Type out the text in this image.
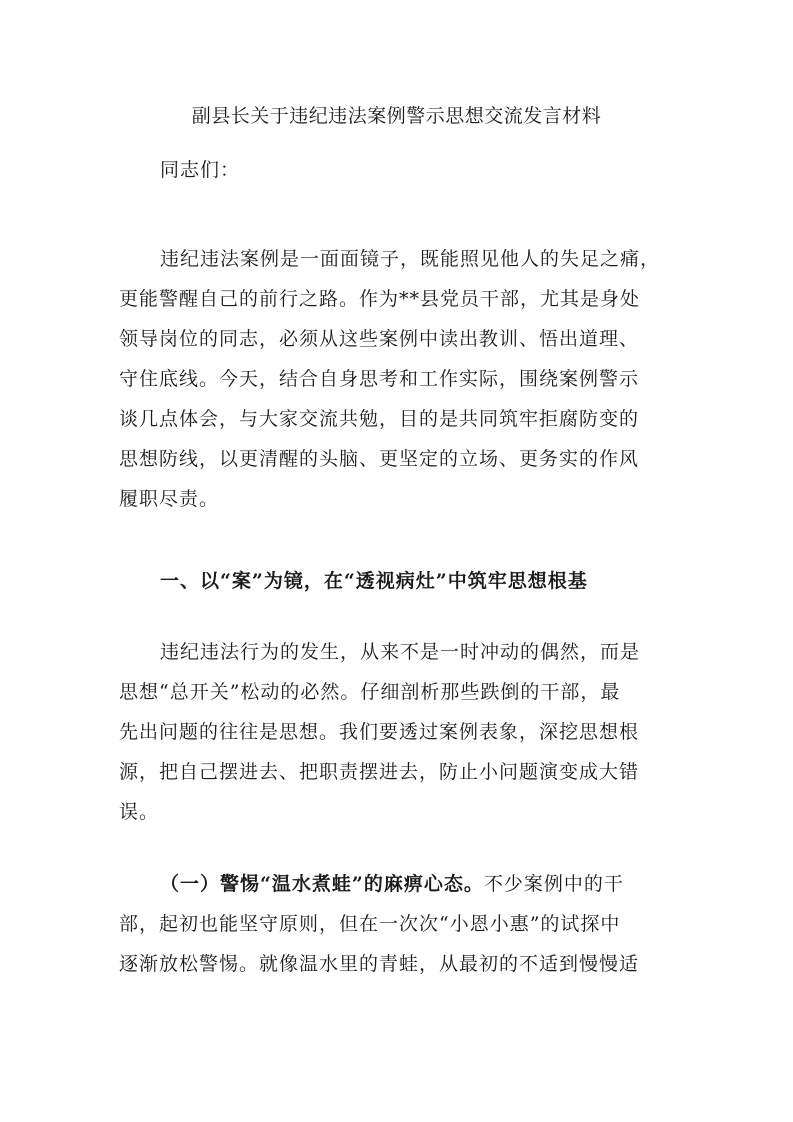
副县长关于违纪违法案例警示思想交流发言材料
同志们：
违纪违法案例是一面面镜子，既能照见他人的失足之痛，
更能警醒自己的前行之路。作为**县党员干部，尤其是身处
领导岗位的同志，必须从这些案例中读出教训、悟出道理、
守住底线。今天，结合自身思考和工作实际，围绕案例警示
谈几点体会，与大家交流共勉，目的是共同筑牢拒腐防变的
思想防线，以更清醒的头脑、更坚定的立场、更务实的作风
履职尽责。
一、以“案”为镜，在“透视病灶”中筑牢思想根基
违纪违法行为的发生，从来不是一时冲动的偶然，而是
思想“总开关”松动的必然。仔细剖析那些跌倒的干部，最
先出问题的往往是思想。我们要透过案例表象，深挖思想根
源，把自己摆进去、把职责摆进去，防止小问题演变成大错
误。
（一）警惕“温水煮蛙”的麻痹心态。不少案例中的干
部，起初也能坚守原则，但在一次次“小恩小惠”的试探中
逐渐放松警惕。就像温水里的青蛙，从最初的不适到慢慢适
